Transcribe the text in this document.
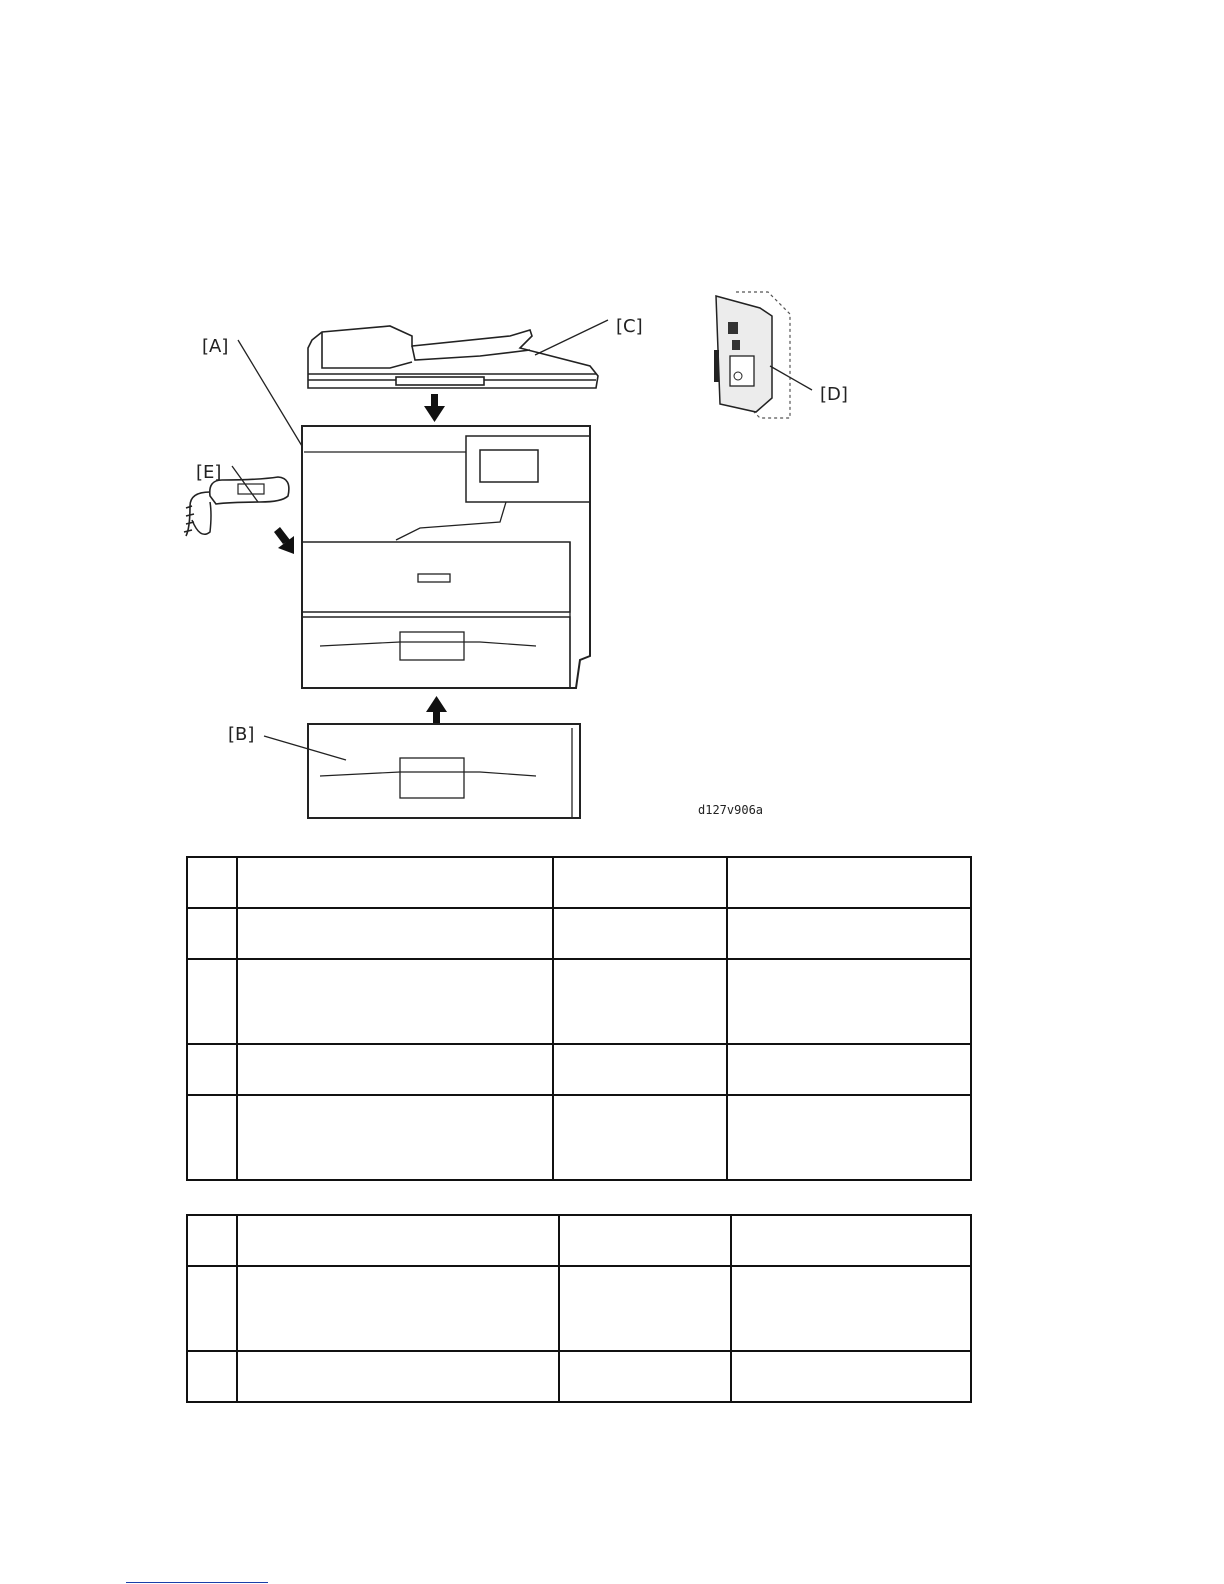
[C]
[A]
[E]
[B]
[D]
d127v906a
